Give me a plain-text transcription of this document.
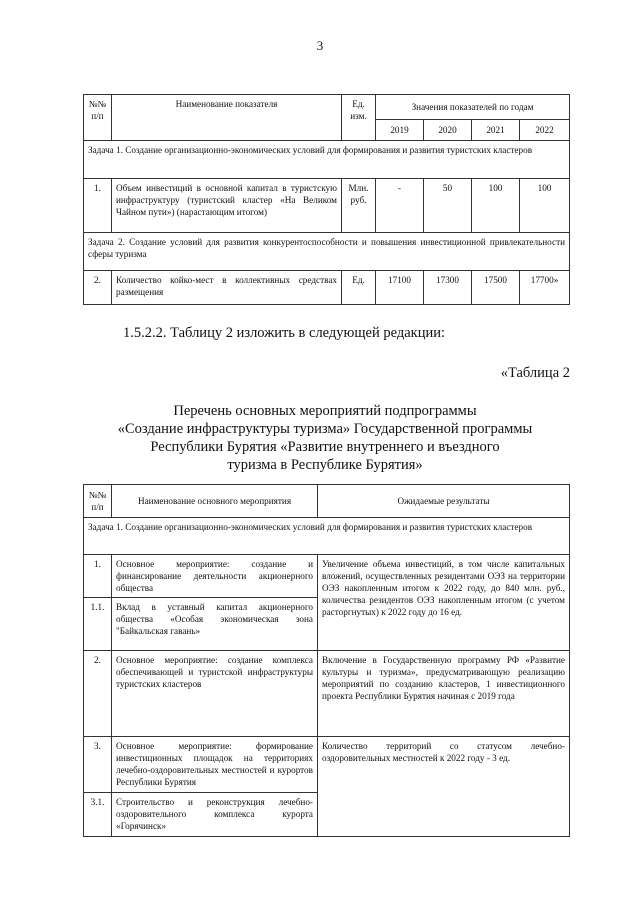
3
№№ п/п	Наименование показателя	Ед. изм.	Значения показателей по годам			
			2019	2020	2021	2022
Задача 1. Создание организационно-экономических условий для формирования и развития туристских кластеров						
1.	Объем инвестиций в основной капитал в туристскую инфраструктуру (туристский кластер «На Великом Чайном пути») (нарастающим итогом)	Млн. руб.	-	50	100	100
Задача 2. Создание условий для развития конкурентоспособности и повышения инвестиционной привлекательности сферы туризма						
2.	Количество койко-мест в коллективных средствах размещения	Ед.	17100	17300	17500	17700»
1.5.2.2. Таблицу 2 изложить в следующей редакции:
«Таблица 2
Перечень основных мероприятий подпрограммы
«Создание инфраструктуры туризма» Государственной программы
Республики Бурятия «Развитие внутреннего и въездного
туризма в Республике Бурятия»
№№ п/п	Наименование основного мероприятия	Ожидаемые результаты
Задача 1. Создание организационно-экономических условий для формирования и развития туристских кластеров		
1.	Основное мероприятие: создание и финансирование деятельности акционерного общества	Увеличение объема инвестиций, в том числе капитальных вложений, осуществленных резидентами ОЭЗ на территории ОЭЗ накопленным итогом к 2022 году, до 840 млн. руб., количества резидентов ОЭЗ накопленным итогом (с учетом расторгнутых) к 2022 году до 16 ед.
1.1.	Вклад в уставный капитал акционерного общества «Особая экономическая зона "Байкальская гавань»	
2.	Основное мероприятие: создание комплекса обеспечивающей и туристской инфраструктуры туристских кластеров	Включение в Государственную программу РФ «Развитие культуры и туризма», предусматривающую реализацию мероприятий по созданию кластеров, 1 инвестиционного проекта Республики Бурятия начиная с 2019 года
3.	Основное мероприятие: формирование инвестиционных площадок на территориях лечебно-оздоровительных местностей и курортов Республики Бурятия	Количество территорий со статусом лечебно-оздоровительных местностей к 2022 году - 3 ед.
3.1.	Строительство и реконструкция лечебно-оздоровительного комплекса курорта «Горячинск»	
